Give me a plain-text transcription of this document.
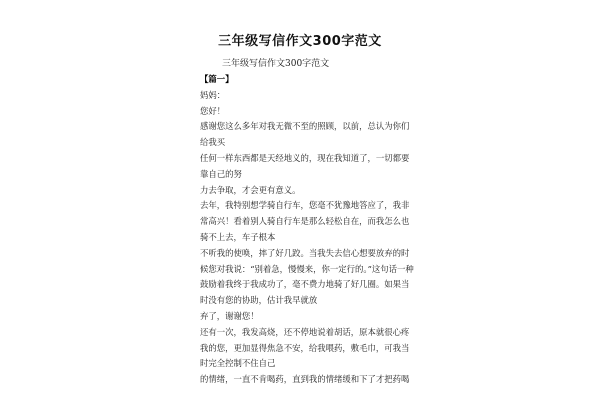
三年级写信作文300字范文

三年级写信作文300字范文

【篇一】

妈妈：

您好！

感谢您这么多年对我无微不至的照顾，以前，总认为你们给我买

任何一样东西都是天经地义的，现在我知道了，一切都要靠自己的努

力去争取，才会更有意义。

去年，我特别想学骑自行车，您毫不犹豫地答应了，我非常高兴！看着别人骑自行车是那么轻松自在，而我怎么也骑不上去，车子根本

不听我的使唤，摔了好几跤。当我失去信心想要放弃的时候您对我说：“别着急，慢慢来，你一定行的。”这句话一种鼓励着我终于我成功了，毫不费力地骑了好几圈。如果当时没有您的协助，估计我早就放

弃了，谢谢您！

还有一次，我发高烧，还不停地说着胡话，原本就很心疼我的您，更加显得焦急不安，给我喂药，敷毛巾，可我当时完全控制不住自己

的情绪，一直不肯喝药，直到我的情绪缓和下了才把药喝
